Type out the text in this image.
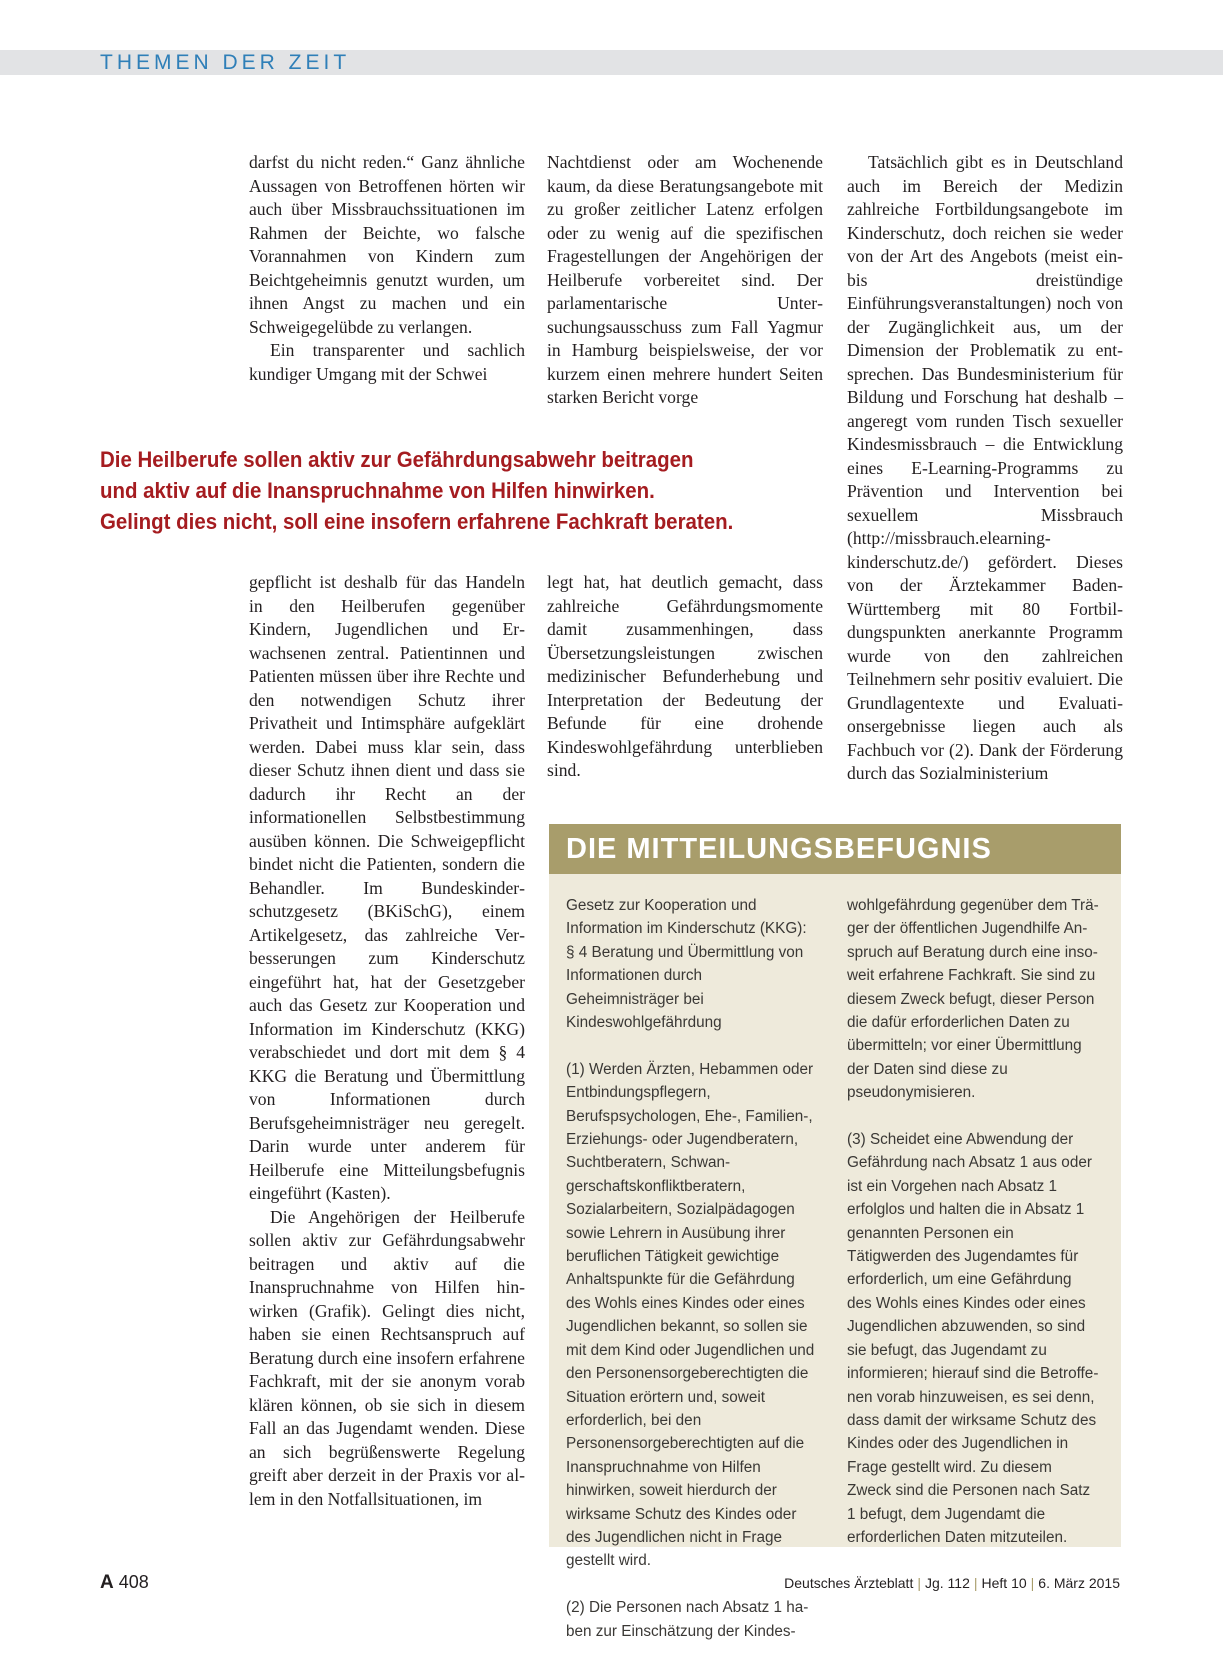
THEMEN DER ZEIT

darfst du nicht reden.“ Ganz ähnliche Aussagen von Betroffenen hörten wir auch über Missbrauchssituationen im Rahmen der Beichte, wo falsche Vorannahmen von Kindern zum Beichtgeheimnis genutzt wurden, um ihnen Angst zu machen und ein Schweigegelübde zu verlangen.

Ein transparenter und sachlich kundiger Umgang mit der Schwei

Nachtdienst oder am Wochenende kaum, da diese Beratungsangebote mit zu großer zeitlicher Latenz erfolgen oder zu wenig auf die spezifischen Fragestellungen der Angehörigen der Heilberufe vorbereitet sind. Der parlamentarische Untersuchungsausschuss zum Fall Yagmur in Hamburg beispielsweise, der vor kurzem einen mehrere hundert Seiten starken Bericht vorge

Die Heilberufe sollen aktiv zur Gefährdungsabwehr beitragen
und aktiv auf die Inanspruchnahme von Hilfen hinwirken.
Gelingt dies nicht, soll eine insofern erfahrene Fachkraft beraten.

gepflicht ist deshalb für das Handeln in den Heilberufen gegenüber Kindern, Jugendlichen und Erwachsenen zentral. Patientinnen und Patienten müssen über ihre Rechte und den notwendigen Schutz ihrer Privatheit und Intimsphäre aufgeklärt werden. Dabei muss klar sein, dass dieser Schutz ihnen dient und dass sie dadurch ihr Recht an der informationellen Selbstbestimmung ausüben können. Die Schweigepflicht bindet nicht die Patienten, sondern die Behandler. Im Bundeskinderschutzgesetz (BKiSchG), einem Artikelgesetz, das zahlreiche Verbesserungen zum Kinderschutz eingeführt hat, hat der Gesetzgeber auch das Gesetz zur Kooperation und Information im Kinderschutz (KKG) verabschiedet und dort mit dem § 4 KKG die Beratung und Übermittlung von Informationen durch Berufsgeheimnisträger neu geregelt. Darin wurde unter anderem für Heilberufe eine Mitteilungsbefugnis eingeführt (Kasten).

Die Angehörigen der Heilberufe sollen aktiv zur Gefährdungsabwehr beitragen und aktiv auf die Inanspruchnahme von Hilfen hinwirken (Grafik). Gelingt dies nicht, haben sie einen Rechtsanspruch auf Beratung durch eine insofern erfahrene Fachkraft, mit der sie anonym vorab klären können, ob sie sich in diesem Fall an das Jugendamt wenden. Diese an sich begrüßenswerte Regelung greift aber derzeit in der Praxis vor allem in den Notfallsituationen, im

legt hat, hat deutlich gemacht, dass zahlreiche Gefährdungsmomente damit zusammenhingen, dass Übersetzungsleistungen zwischen medizinischer Befunderhebung und Interpretation der Bedeutung der Befunde für eine drohende Kindeswohlgefährdung unterblieben sind.

Tatsächlich gibt es in Deutschland auch im Bereich der Medizin zahlreiche Fortbildungsangebote im Kinderschutz, doch reichen sie weder von der Art des Angebots (meist ein- bis dreistündige Einführungsveranstaltungen) noch von der Zugänglichkeit aus, um der Dimension der Problematik zu entsprechen. Das Bundesministerium für Bildung und Forschung hat deshalb – angeregt vom runden Tisch sexueller Kindesmissbrauch – die Entwicklung eines E-Learning-Programms zu Prävention und Intervention bei sexuellem Missbrauch (http://missbrauch.elearning-kinderschutz.de/) gefördert. Dieses von der Ärztekammer Baden-Württemberg mit 80 Fortbildungspunkten anerkannte Programm wurde von den zahlreichen Teilnehmern sehr positiv evaluiert. Die Grundlagentexte und Evaluationsergebnisse liegen auch als Fachbuch vor (2). Dank der Förderung durch das Sozialministerium

DIE MITTEILUNGSBEFUGNIS

Gesetz zur Kooperation und Information im Kinderschutz (KKG): § 4 Beratung und Übermittlung von Informationen durch Geheimnisträger bei Kindeswohlgefährdung

(1) Werden Ärzten, Hebammen oder Entbindungspflegern, Berufspsychologen, Ehe-, Familien-, Erziehungs- oder Jugendberatern, Suchtberatern, Schwangerschaftskonfliktberatern, Sozialarbeitern, Sozialpädagogen sowie Lehrern in Ausübung ihrer beruflichen Tätigkeit gewichtige Anhaltspunkte für die Gefährdung des Wohls eines Kindes oder eines Jugendlichen bekannt, so sollen sie mit dem Kind oder Jugendlichen und den Personensorgeberechtigten die Situation erörtern und, soweit erforderlich, bei den Personensorgeberechtigten auf die Inanspruchnahme von Hilfen hinwirken, soweit hierdurch der wirksame Schutz des Kindes oder des Jugendlichen nicht in Frage gestellt wird.

(2) Die Personen nach Absatz 1 haben zur Einschätzung der Kindes-

wohlgefährdung gegenüber dem Träger der öffentlichen Jugendhilfe Anspruch auf Beratung durch eine insoweit erfahrene Fachkraft. Sie sind zu diesem Zweck befugt, dieser Person die dafür erforderlichen Daten zu übermitteln; vor einer Übermittlung der Daten sind diese zu pseudonymisieren.

(3) Scheidet eine Abwendung der Gefährdung nach Absatz 1 aus oder ist ein Vorgehen nach Absatz 1 erfolglos und halten die in Absatz 1 genannten Personen ein Tätigwerden des Jugendamtes für erforderlich, um eine Gefährdung des Wohls eines Kindes oder eines Jugendlichen abzuwenden, so sind sie befugt, das Jugendamt zu informieren; hierauf sind die Betroffenen vorab hinzuweisen, es sei denn, dass damit der wirksame Schutz des Kindes oder des Jugendlichen in Frage gestellt wird. Zu diesem Zweck sind die Personen nach Satz 1 befugt, dem Jugendamt die erforderlichen Daten mitzuteilen.

A 408	Deutsches Ärzteblatt | Jg. 112 | Heft 10 | 6. März 2015
